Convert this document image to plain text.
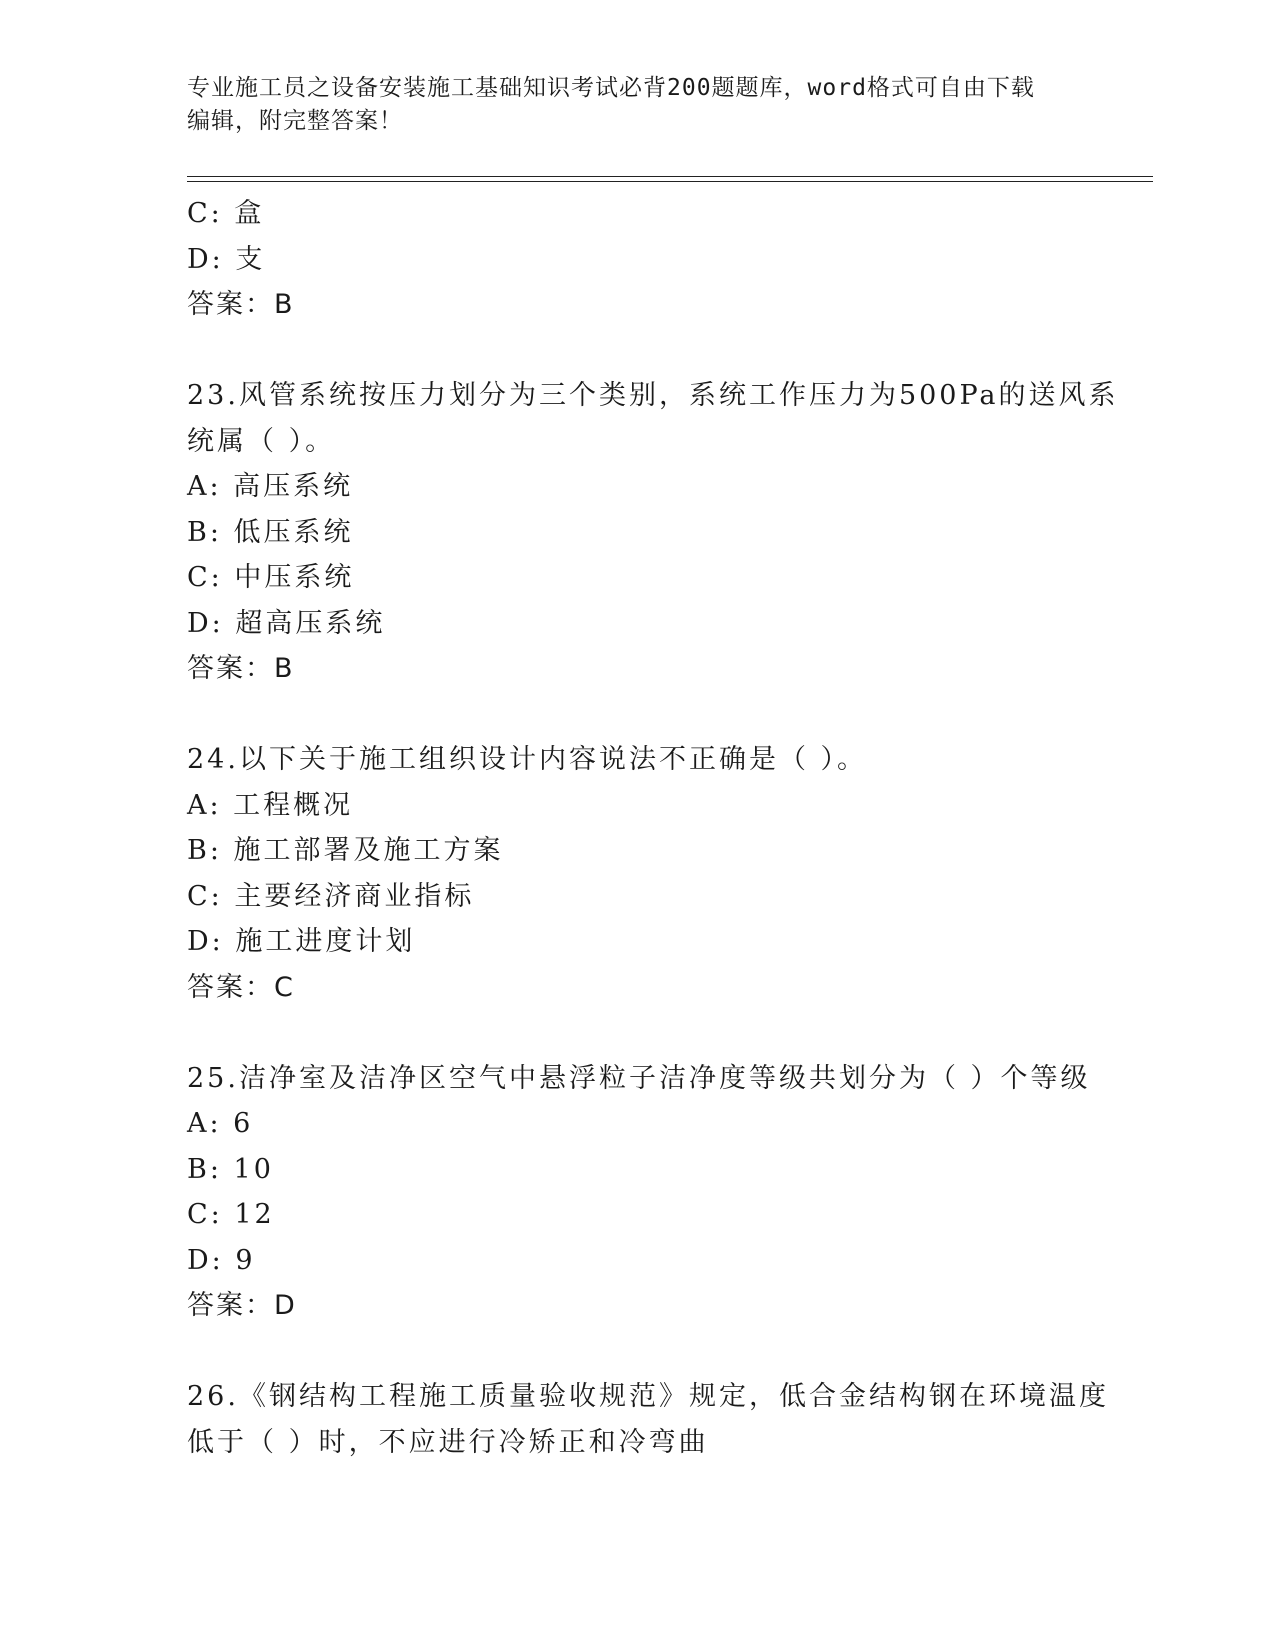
专业施工员之设备安装施工基础知识考试必背200题题库，word格式可自由下载
编辑，附完整答案！
C: 盒
D: 支
答案：B
23.风管系统按压力划分为三个类别，系统工作压力为500Pa的送风系
统属（ ）。
A: 高压系统
B: 低压系统
C: 中压系统
D: 超高压系统
答案：B
24.以下关于施工组织设计内容说法不正确是（ ）。
A: 工程概况
B: 施工部署及施工方案
C: 主要经济商业指标
D: 施工进度计划
答案：C
25.洁净室及洁净区空气中悬浮粒子洁净度等级共划分为（ ）个等级
A: 6
B: 10
C: 12
D: 9
答案：D
26.《钢结构工程施工质量验收规范》规定，低合金结构钢在环境温度
低于（ ）时，不应进行冷矫正和冷弯曲
